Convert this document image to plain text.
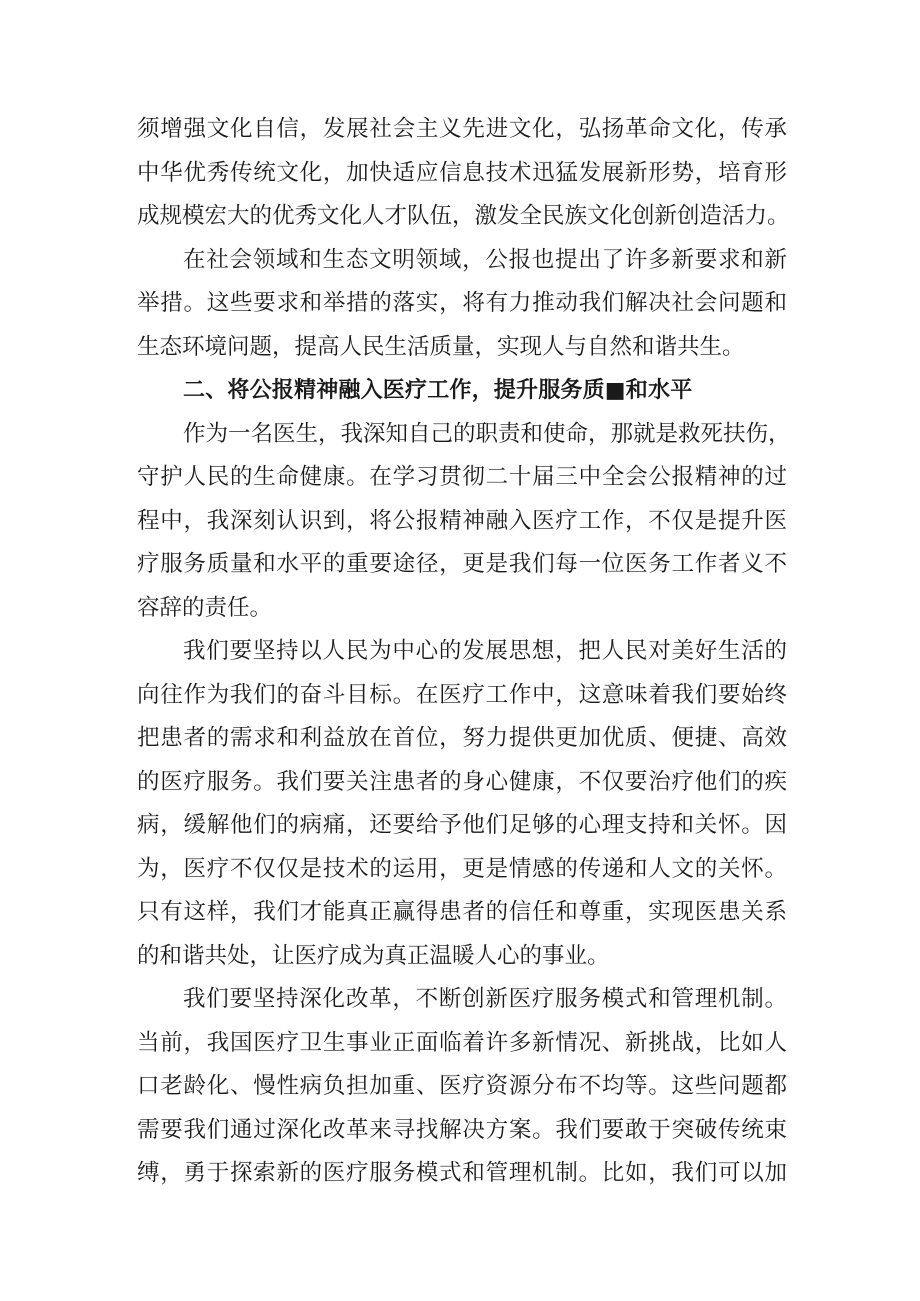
须增强文化自信，发展社会主义先进文化，弘扬革命文化，传承
中华优秀传统文化，加快适应信息技术迅猛发展新形势，培育形
成规模宏大的优秀文化人才队伍，激发全民族文化创新创造活力。
在社会领域和生态文明领域，公报也提出了许多新要求和新
举措。这些要求和举措的落实，将有力推动我们解决社会问题和
生态环境问题，提高人民生活质量，实现人与自然和谐共生。
二、将公报精神融入医疗工作，提升服务质■和水平
作为一名医生，我深知自己的职责和使命，那就是救死扶伤，
守护人民的生命健康。在学习贯彻二十届三中全会公报精神的过
程中，我深刻认识到，将公报精神融入医疗工作，不仅是提升医
疗服务质量和水平的重要途径，更是我们每一位医务工作者义不
容辞的责任。
我们要坚持以人民为中心的发展思想，把人民对美好生活的
向往作为我们的奋斗目标。在医疗工作中，这意味着我们要始终
把患者的需求和利益放在首位，努力提供更加优质、便捷、高效
的医疗服务。我们要关注患者的身心健康，不仅要治疗他们的疾
病，缓解他们的病痛，还要给予他们足够的心理支持和关怀。因
为，医疗不仅仅是技术的运用，更是情感的传递和人文的关怀。
只有这样，我们才能真正赢得患者的信任和尊重，实现医患关系
的和谐共处，让医疗成为真正温暖人心的事业。
我们要坚持深化改革，不断创新医疗服务模式和管理机制。
当前，我国医疗卫生事业正面临着许多新情况、新挑战，比如人
口老龄化、慢性病负担加重、医疗资源分布不均等。这些问题都
需要我们通过深化改革来寻找解决方案。我们要敢于突破传统束
缚，勇于探索新的医疗服务模式和管理机制。比如，我们可以加
